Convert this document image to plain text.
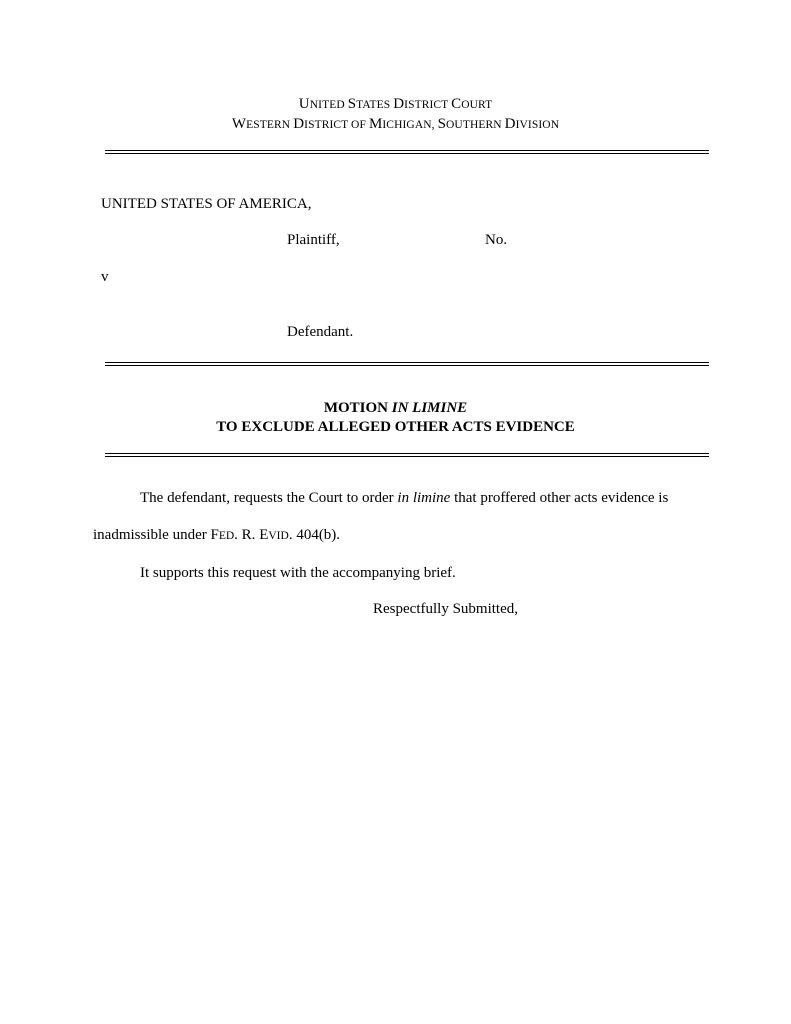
UNITED STATES DISTRICT COURT
WESTERN DISTRICT OF MICHIGAN, SOUTHERN DIVISION
UNITED STATES OF AMERICA,
Plaintiff,	No.
v
Defendant.
MOTION IN LIMINE
TO EXCLUDE ALLEGED OTHER ACTS EVIDENCE
The defendant, requests the Court to order in limine that proffered other acts evidence is
inadmissible under FED. R. EVID. 404(b).
It supports this request with the accompanying brief.
Respectfully Submitted,
